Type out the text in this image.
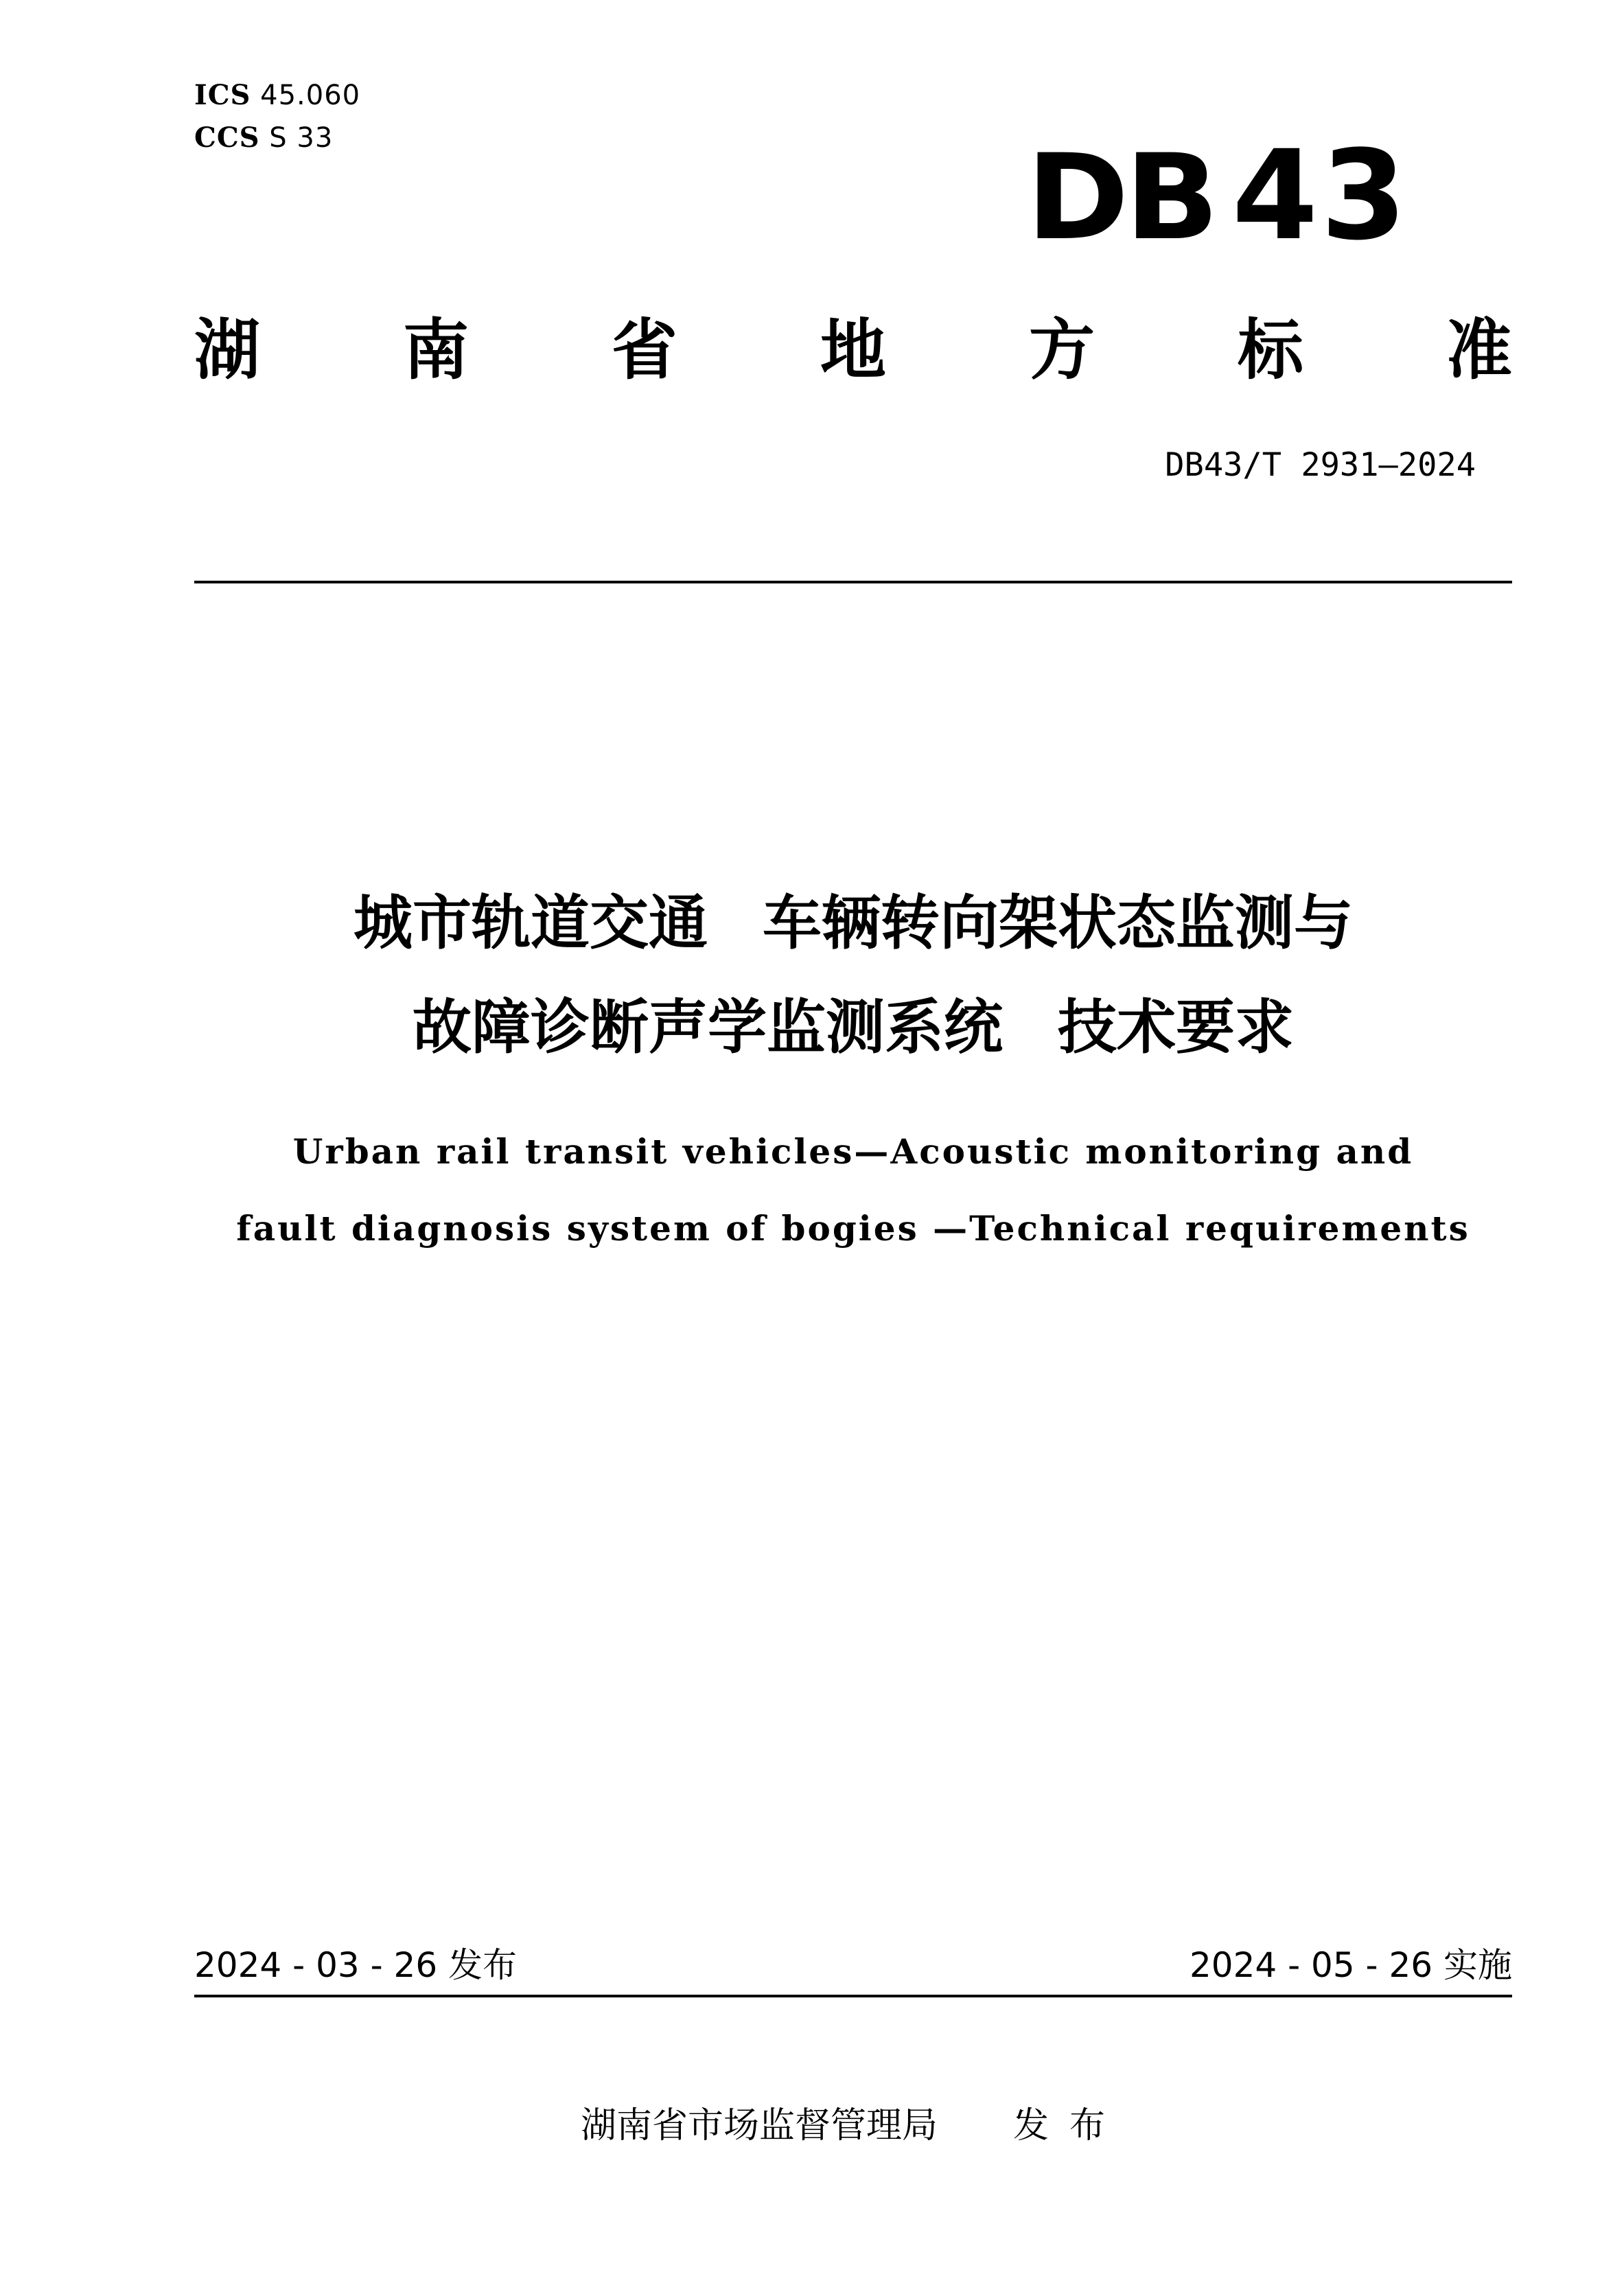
ICS 45.060
CCS S 33	DB 43
湖 南 省 地 方 标 准
DB43/T 2931—2024
城市轨道交通 车辆转向架状态监测与
故障诊断声学监测系统 技术要求
Urban rail transit vehicles—Acoustic monitoring and
fault diagnosis system of bogies —Technical requirements
2024 - 03 - 26 发布	2024 - 05 - 26 实施
湖南省市场监督管理局 发布
